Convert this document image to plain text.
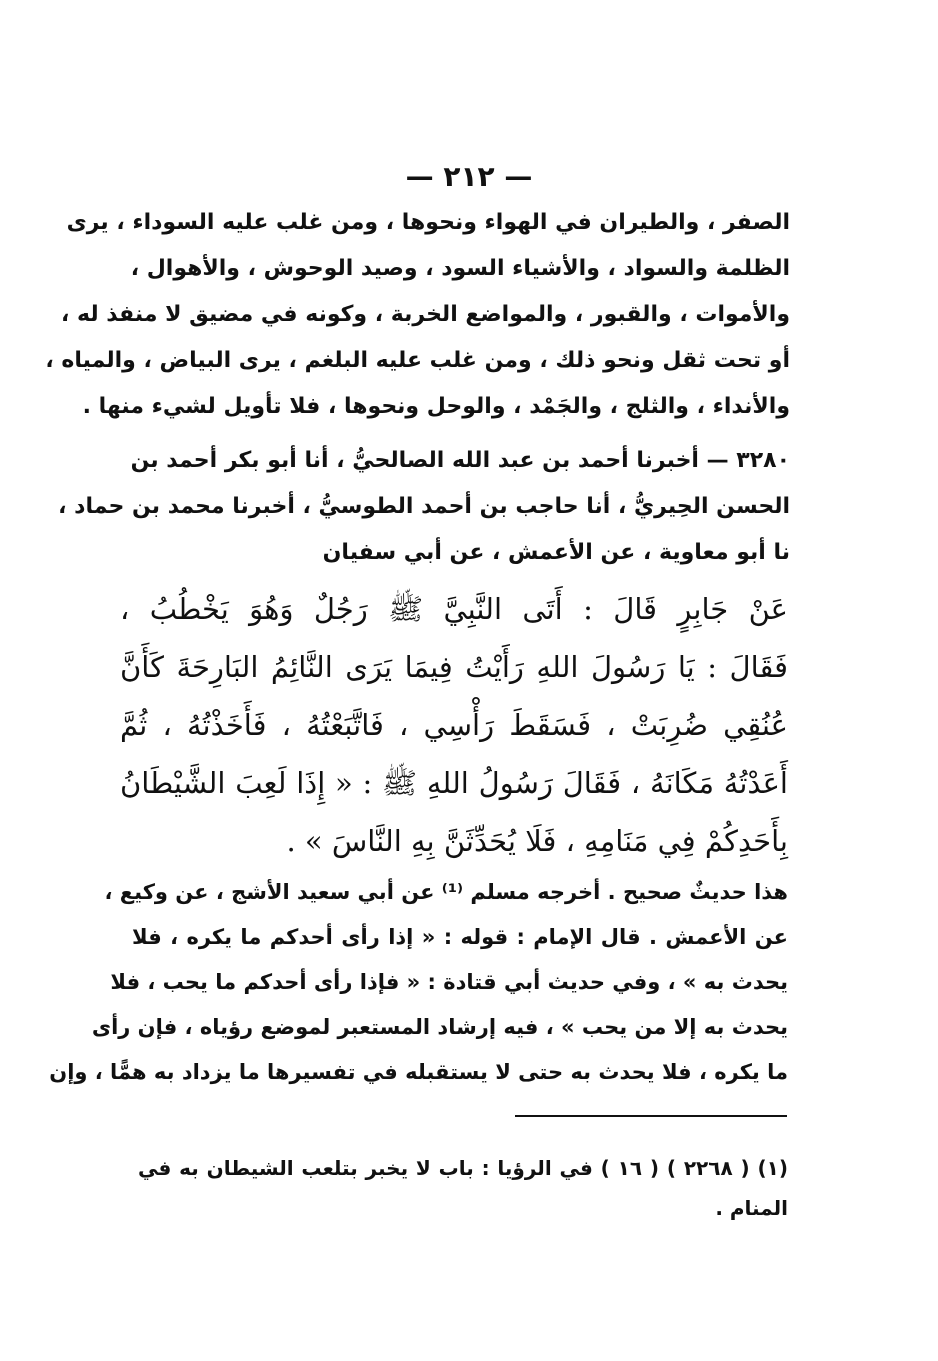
— ٢١٢ —
الصفر ، والطيران في الهواء ونحوها ، ومن غلب عليه السوداء ، يرى
الظلمة والسواد ، والأشياء السود ، وصيد الوحوش ، والأهوال ،
والأموات ، والقبور ، والمواضع الخربة ، وكونه في مضيق لا منفذ له ،
أو تحت ثقل ونحو ذلك ، ومن غلب عليه البلغم ، يرى البياض ، والمياه ،
والأنداء ، والثلج ، والجَمْد ، والوحل ونحوها ، فلا تأويل لشيء منها .
٣٢٨٠ — أخبرنا أحمد بن عبد الله الصالحيُّ ، أنا أبو بكر أحمد بن
الحسن الحِيريُّ ، أنا حاجب بن أحمد الطوسيُّ ، أخبرنا محمد بن حماد ،
نا أبو معاوية ، عن الأعمش ، عن أبي سفيان
عَنْ جَابِرٍ قَالَ : أَتَى النَّبِيَّ ﷺ رَجُلٌ وَهُوَ يَخْطُبُ ،
فَقَالَ : يَا رَسُولَ اللهِ رَأَيْتُ فِيمَا يَرَى النَّائِمُ البَارِحَةَ كَأَنَّ
عُنُقِي ضُرِبَتْ ، فَسَقَطَ رَأْسِي ، فَاتَّبَعْتُهُ ، فَأَخَذْتُهُ ، ثُمَّ
أَعَدْتُهُ مَكَانَهُ ، فَقَالَ رَسُولُ اللهِ ﷺ : « إِذَا لَعِبَ الشَّيْطَانُ
بِأَحَدِكُمْ فِي مَنَامِهِ ، فَلَا يُحَدِّثَنَّ بِهِ النَّاسَ » .
هذا حديثٌ صحيح . أخرجه مسلم ⁽¹⁾ عن أبي سعيد الأشج ، عن وكيع ،
عن الأعمش . قال الإمام : قوله : « إذا رأى أحدكم ما يكره ، فلا
يحدث به » ، وفي حديث أبي قتادة : « فإذا رأى أحدكم ما يحب ، فلا
يحدث به إلا من يحب » ، فيه إرشاد المستعبر لموضع رؤياه ، فإن رأى
ما يكره ، فلا يحدث به حتى لا يستقبله في تفسيرها ما يزداد به همًّا ، وإن
(١) ( ٢٢٦٨ ) ( ١٦ ) في الرؤيا : باب لا يخبر بتلعب الشيطان به في
المنام .
